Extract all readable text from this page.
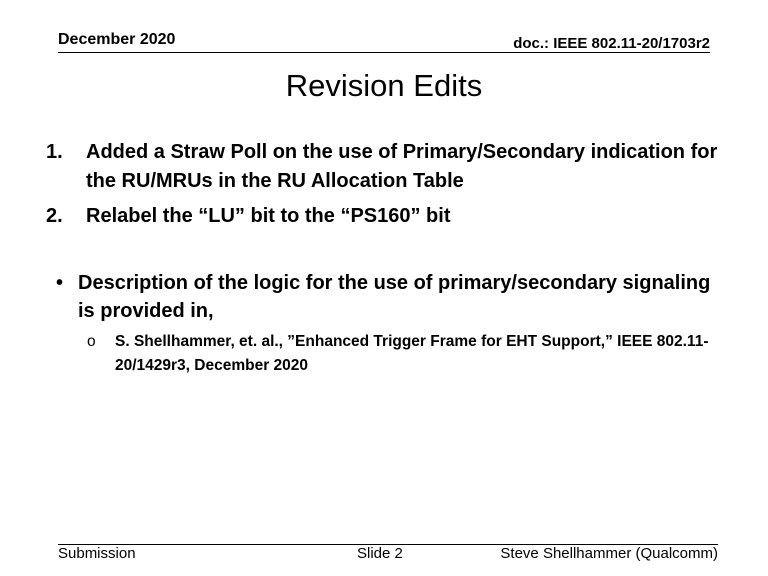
December 2020	doc.: IEEE 802.11-20/1703r2
Revision Edits
1.	Added a Straw Poll on the use of Primary/Secondary indication for the RU/MRUs in the RU Allocation Table
2.	Relabel the “LU” bit to the “PS160” bit
• Description of the logic for the use of primary/secondary signaling is provided in,
o	S. Shellhammer, et. al., ”Enhanced Trigger Frame for EHT Support,” IEEE 802.11-20/1429r3, December 2020
Submission	Slide 2	Steve Shellhammer (Qualcomm)
